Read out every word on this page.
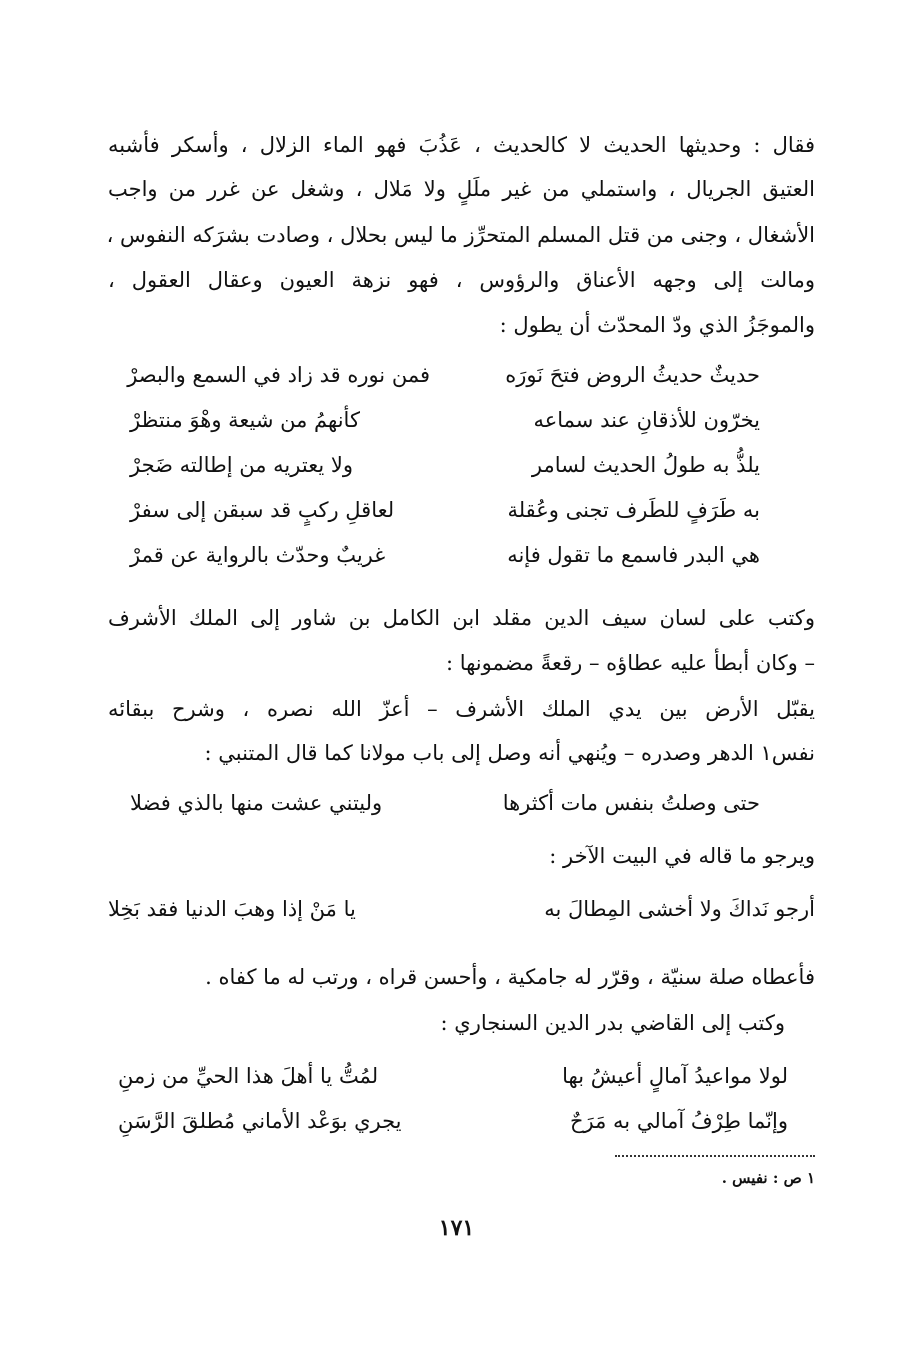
فقال : وحديثها الحديث لا كالحديث ، عَذُبَ فهو الماء الزلال ، وأسكر فأشبه
العتيق الجريال ، واستملي من غير ملَلٍ ولا مَلال ، وشغل عن غرر من واجب
الأشغال ، وجنى من قتل المسلم المتحرِّز ما ليس بحلال ، وصادت بشرَكه النفوس ،
ومالت إلى وجهه الأعناق والرؤوس ، فهو نزهة العيون وعقال العقول ،
والموجَزُ الذي ودّ المحدّث أن يطول :
حديثٌ حديثُ الروض فتحَ نَورَه
فمن نوره قد زاد في السمع والبصرْ
يخرّون للأذقانِ عند سماعه
كأنهمُ من شيعة وهْوَ منتظرْ
يلذُّ به طولُ الحديث لسامر
ولا يعتريه من إطالته ضَجرْ
به طَرَفٍ للطَرف تجنى وعُقلة
لعاقلِ ركبٍ قد سبقن إلى سفرْ
هي البدر فاسمع ما تقول فإنه
غريبٌ وحدّث بالرواية عن قمرْ
وكتب على لسان سيف الدين مقلد ابن الكامل بن شاور إلى الملك الأشرف
– وكان أبطأ عليه عطاؤه – رقعةً مضمونها :
يقبّل الأرض بين يدي الملك الأشرف – أعزّ الله نصره ، وشرح ببقائه
نفس١ الدهر وصدره – ويُنهي أنه وصل إلى باب مولانا كما قال المتنبي :
حتى وصلتُ بنفس مات أكثرها
وليتني عشت منها بالذي فضلا
ويرجو ما قاله في البيت الآخر :
أرجو نَداكَ ولا أخشى المِطالَ به
يا مَنْ إذا وهبَ الدنيا فقد بَخِلا
فأعطاه صلة سنيّة ، وقرّر له جامكية ، وأحسن قراه ، ورتب له ما كفاه .
وكتب إلى القاضي بدر الدين السنجاري :
لولا مواعيدُ آمالٍ أعيشُ بها
لمُتُّ يا أهلَ هذا الحيِّ من زمنِ
وإنّما طِرْفُ آمالي به مَرَحٌ
يجري بوَعْد الأماني مُطلقَ الرَّسَنِ
١ ص : نفيس .
١٧١
